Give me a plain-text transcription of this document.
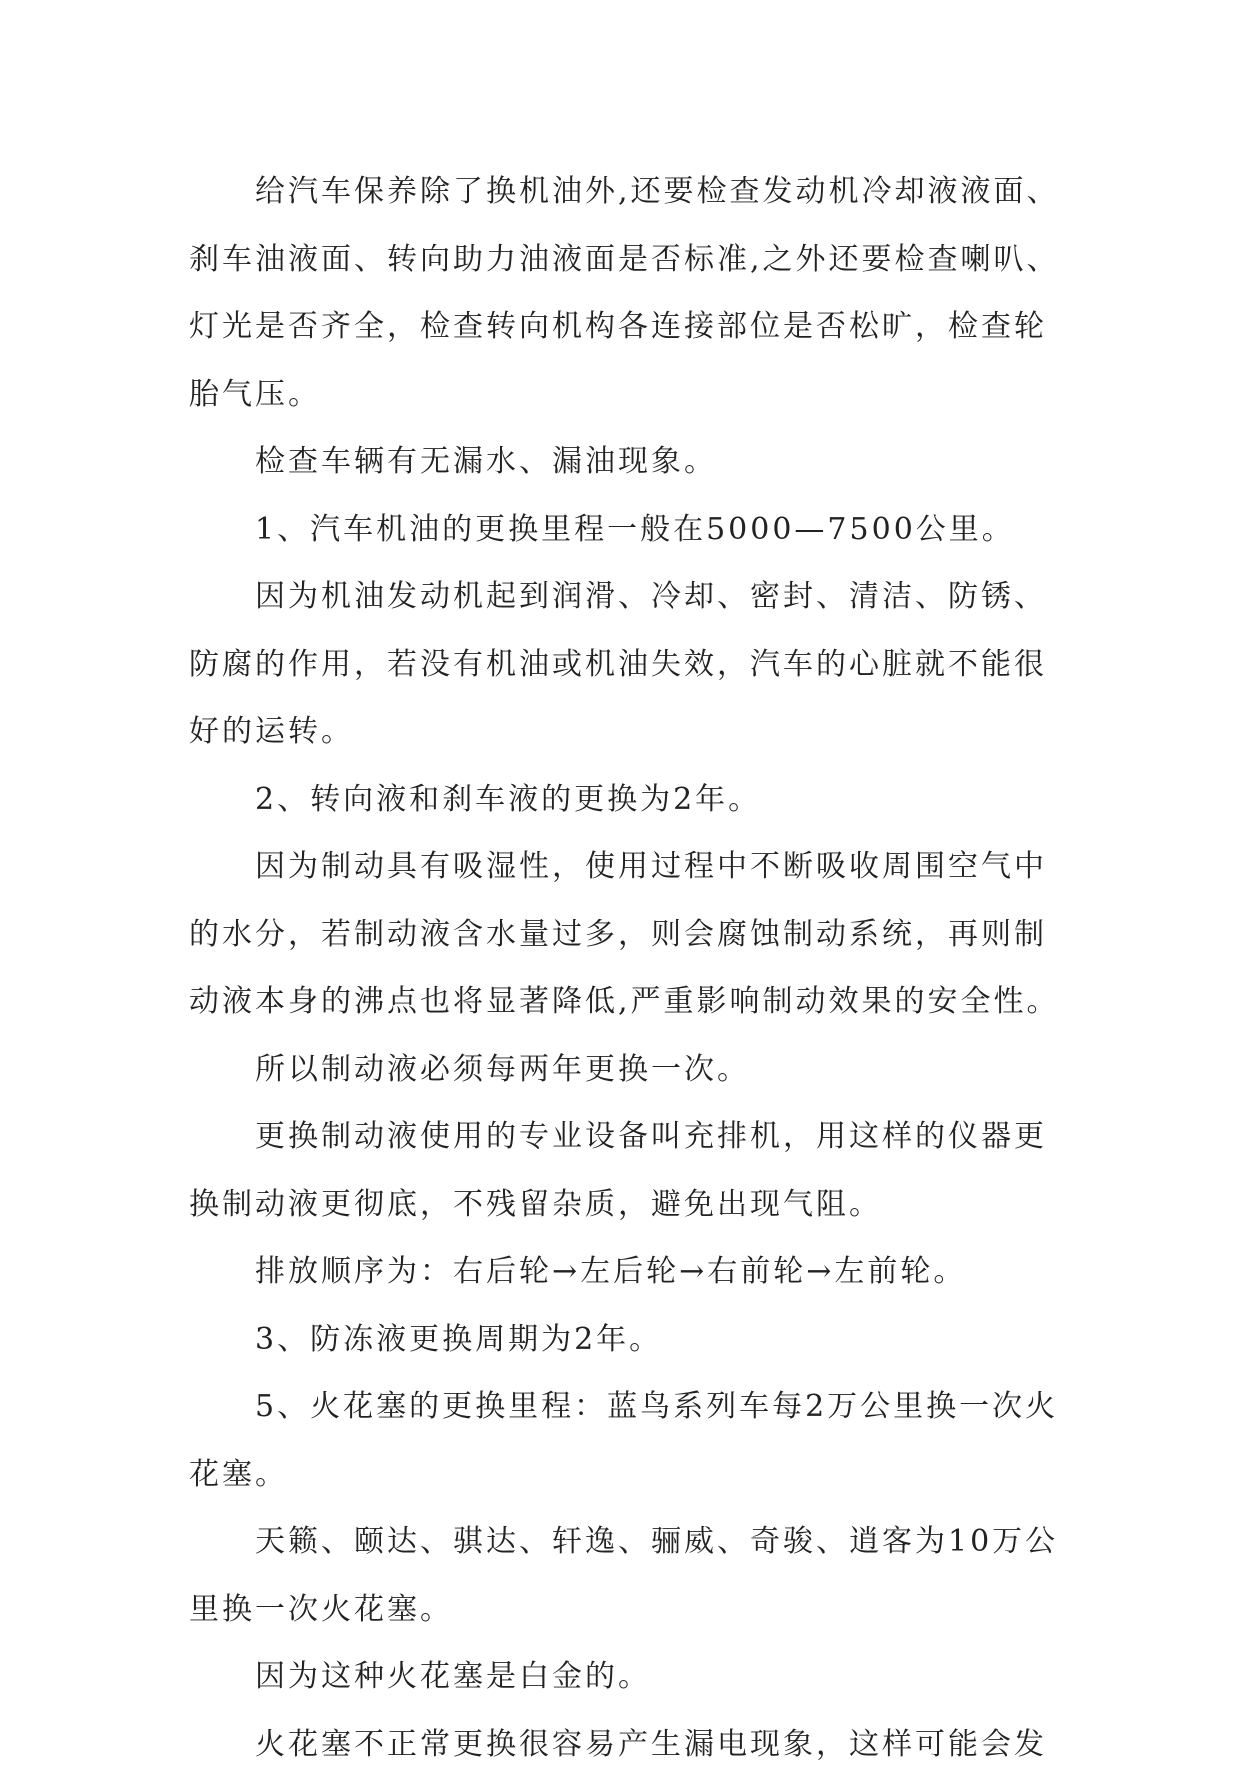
给汽车保养除了换机油外,还要检查发动机冷却液液面、刹车油液面、转向助力油液面是否标准,之外还要检查喇叭、灯光是否齐全，检查转向机构各连接部位是否松旷，检查轮胎气压。

检查车辆有无漏水、漏油现象。

1、汽车机油的更换里程一般在5000—7500公里。

因为机油发动机起到润滑、冷却、密封、清洁、防锈、防腐的作用，若没有机油或机油失效，汽车的心脏就不能很好的运转。

2、转向液和刹车液的更换为2年。

因为制动具有吸湿性，使用过程中不断吸收周围空气中的水分，若制动液含水量过多，则会腐蚀制动系统，再则制动液本身的沸点也将显著降低,严重影响制动效果的安全性。

所以制动液必须每两年更换一次。

更换制动液使用的专业设备叫充排机，用这样的仪器更换制动液更彻底，不残留杂质，避免出现气阻。

排放顺序为：右后轮→左后轮→右前轮→左前轮。

3、防冻液更换周期为2年。

5、火花塞的更换里程：蓝鸟系列车每2万公里换一次火花塞。

天籁、颐达、骐达、轩逸、骊威、奇骏、逍客为10万公里换一次火花塞。

因为这种火花塞是白金的。

火花塞不正常更换很容易产生漏电现象，这样可能会发
